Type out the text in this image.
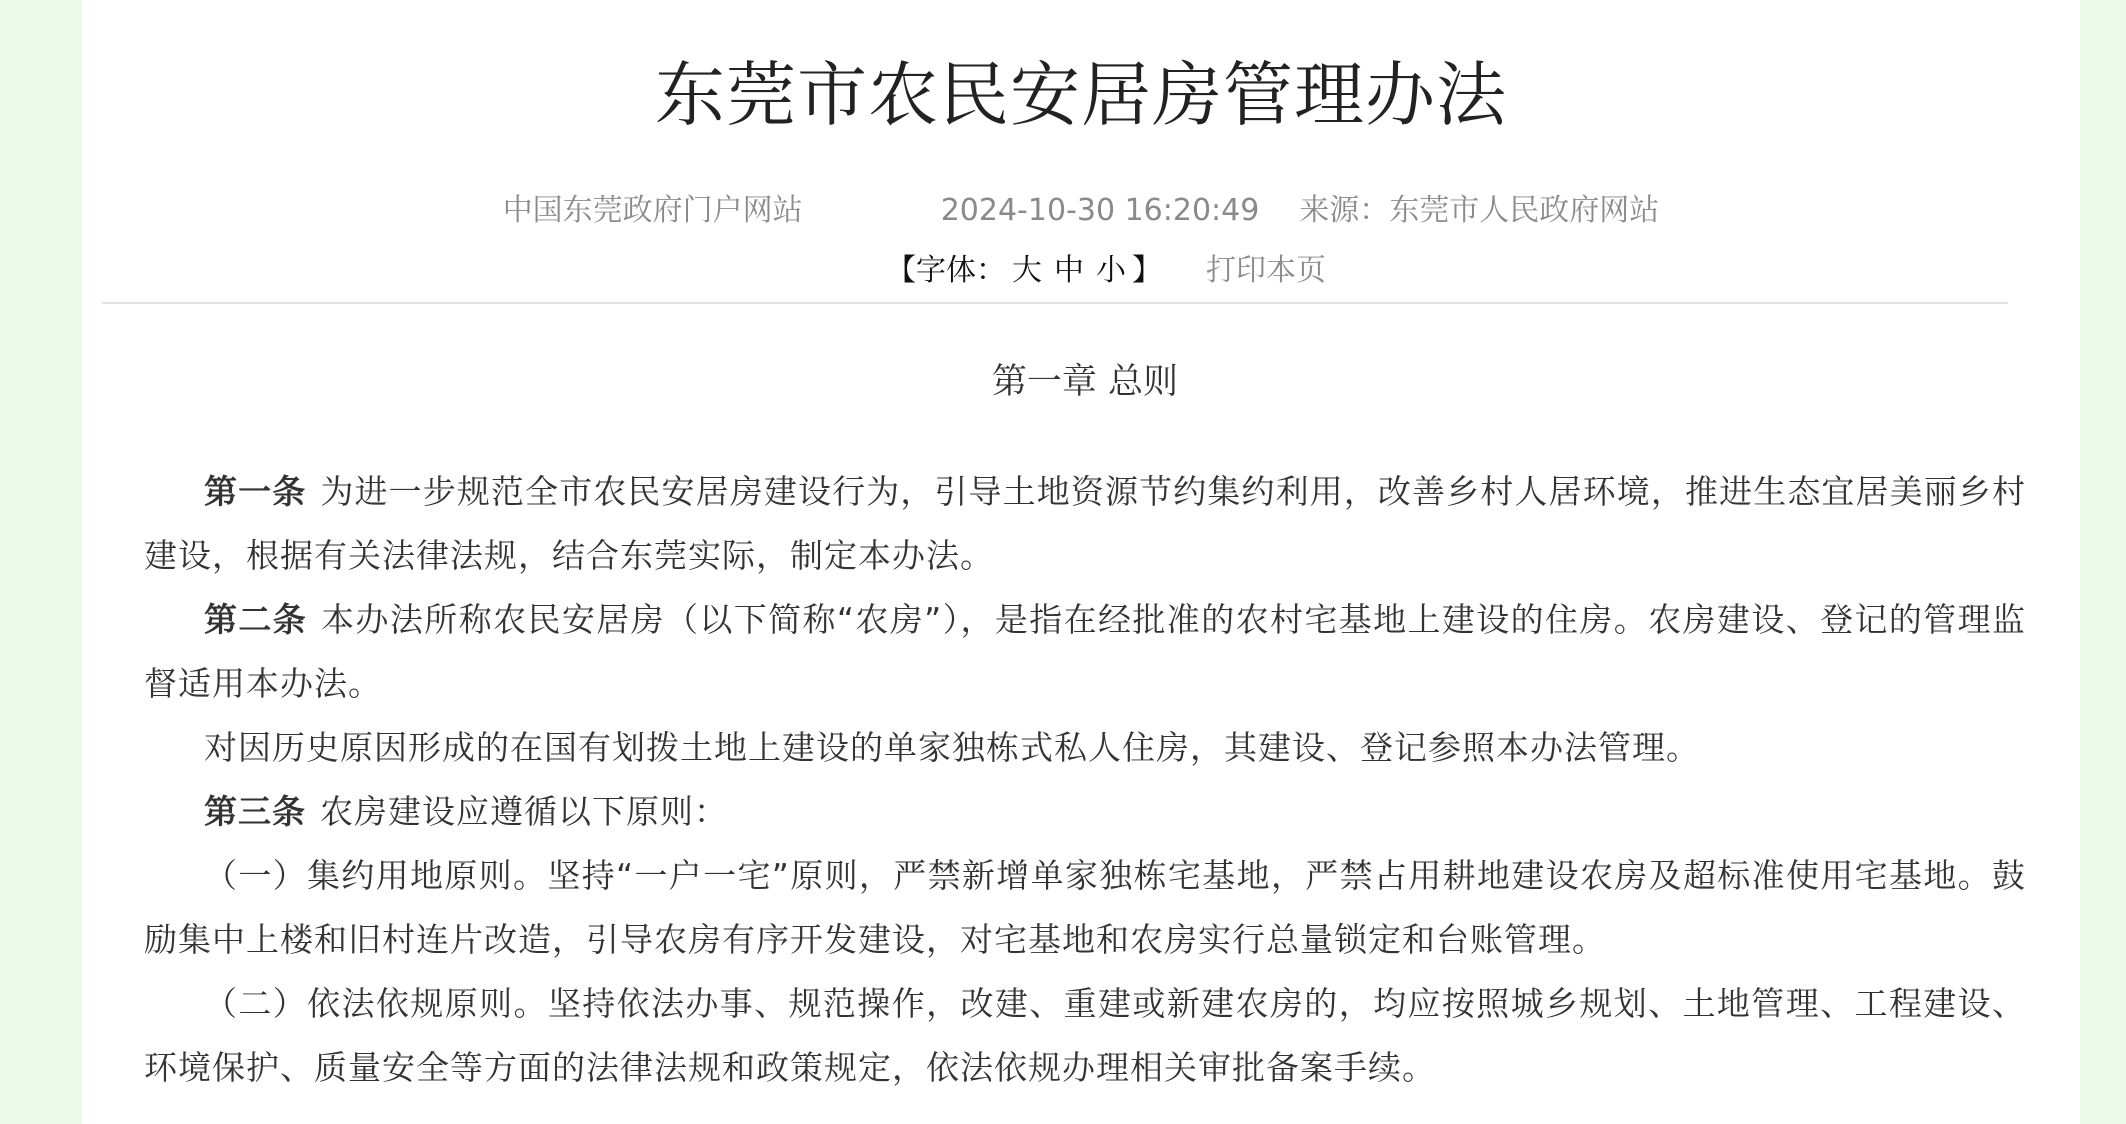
东莞市农民安居房管理办法
中国东莞政府门户网站	2024-10-30 16:20:49 来源：东莞市人民政府网站
【字体： 大 中 小 】 打印本页
第一章 总则

第一条 为进一步规范全市农民安居房建设行为，引导土地资源节约集约利用，改善乡村人居环境，推进生态宜居美丽乡村建设，根据有关法律法规，结合东莞实际，制定本办法。

第二条 本办法所称农民安居房（以下简称“农房”），是指在经批准的农村宅基地上建设的住房。农房建设、登记的管理监督适用本办法。

对因历史原因形成的在国有划拨土地上建设的单家独栋式私人住房，其建设、登记参照本办法管理。

第三条 农房建设应遵循以下原则：

（一）集约用地原则。坚持“一户一宅”原则，严禁新增单家独栋宅基地，严禁占用耕地建设农房及超标准使用宅基地。鼓励集中上楼和旧村连片改造，引导农房有序开发建设，对宅基地和农房实行总量锁定和台账管理。

（二）依法依规原则。坚持依法办事、规范操作，改建、重建或新建农房的，均应按照城乡规划、土地管理、工程建设、环境保护、质量安全等方面的法律法规和政策规定，依法依规办理相关审批备案手续。
